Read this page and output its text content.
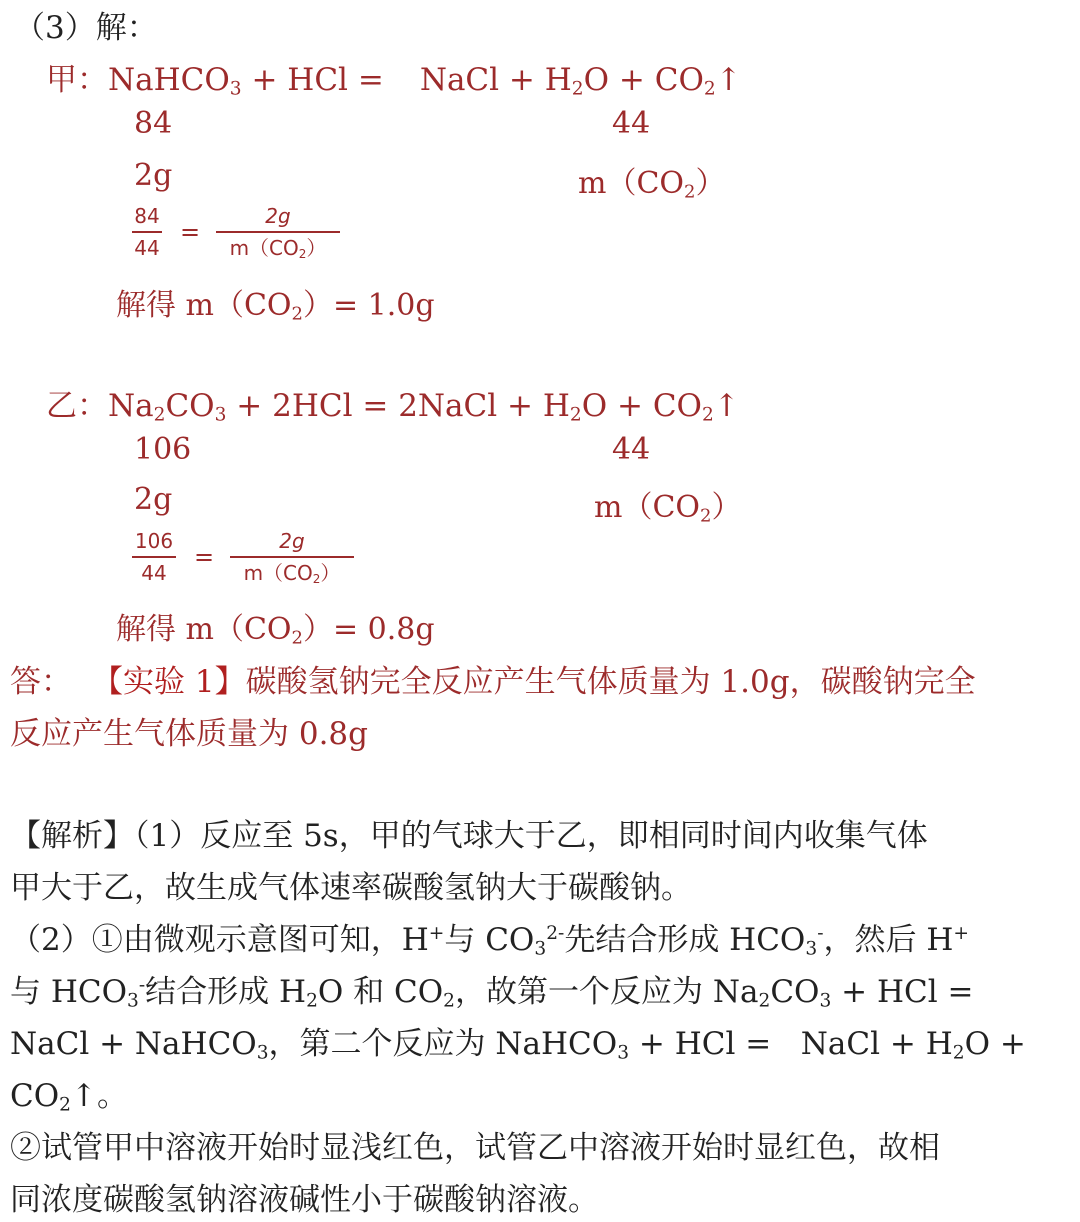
（3）解：
甲：NaHCO$_3$ + HCl = NaCl + $H_2O$ + $CO_2↑$
84	44
2g	$m(CO_2)$
84
44
=
2g
$m(CO_2)$
解得 $m(CO_2)= 1.0g$
乙：$Na_2CO_3 + 2HCl$ = 2NaCl + $H_2O$ + $CO_2↑$
106	44
2g	$m(CO_2)$
106
44
=
2g
$m(CO_2)$
解得 $m(CO_2)= 0.8g$
答： 【实验 1】碳酸氢钠完全反应产生气体质量为 1.0g，碳酸钠完全
反应产生气体质量为 0.8g
【解析】（1）反应至 5s，甲的气球大于乙，即相同时间内收集气体
甲大于乙，故生成气体速率碳酸氢钠大于碳酸钠。
（2）①由微观示意图可知，H+与 $CO_3^{2-}$先结合形成 $HCO_3^-$，然后 H+
与 $HCO_3^-$结合形成 $H_2O$ 和 $CO_2$，故第一个反应为 $Na_2CO_3$ + HCl =
NaCl + NaHCO$_3$，第二个反应为 NaHCO$_3$ + HCl =   NaCl + $H_2O$ +
$CO_2↑$。
②试管甲中溶液开始时显浅红色，试管乙中溶液开始时显红色，故相
同浓度碳酸氢钠溶液碱性小于碳酸钠溶液。
